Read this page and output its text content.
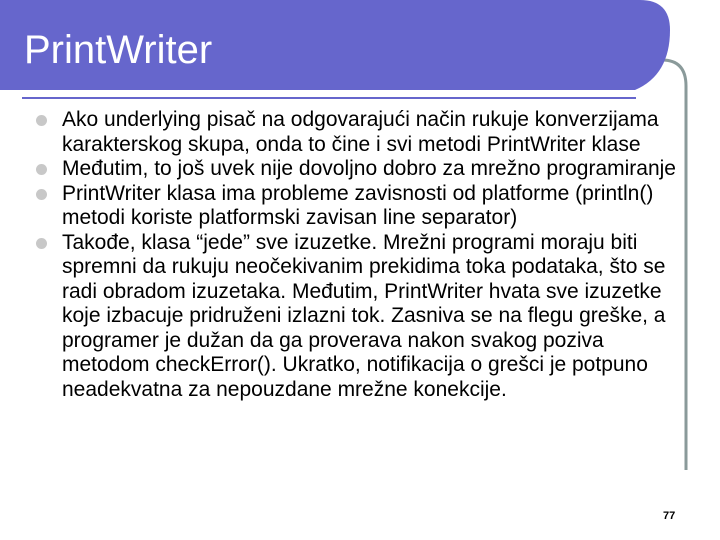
PrintWriter
Ako underlying pisač na odgovarajući način rukuje konverzijama karakterskog skupa, onda to čine i svi metodi PrintWriter klase
Međutim, to još uvek nije dovoljno dobro za mrežno programiranje
PrintWriter klasa ima probleme zavisnosti od platforme (println() metodi koriste platformski zavisan line separator)
Takođe, klasa “jede” sve izuzetke. Mrežni programi moraju biti spremni da rukuju neočekivanim prekidima toka podataka, što se radi obradom izuzetaka. Međutim, PrintWriter hvata sve izuzetke koje izbacuje pridruženi izlazni tok. Zasniva se na flegu greške, a programer je dužan da ga proverava nakon svakog poziva metodom checkError(). Ukratko, notifikacija o grešci je potpuno neadekvatna za nepouzdane mrežne konekcije.
77
